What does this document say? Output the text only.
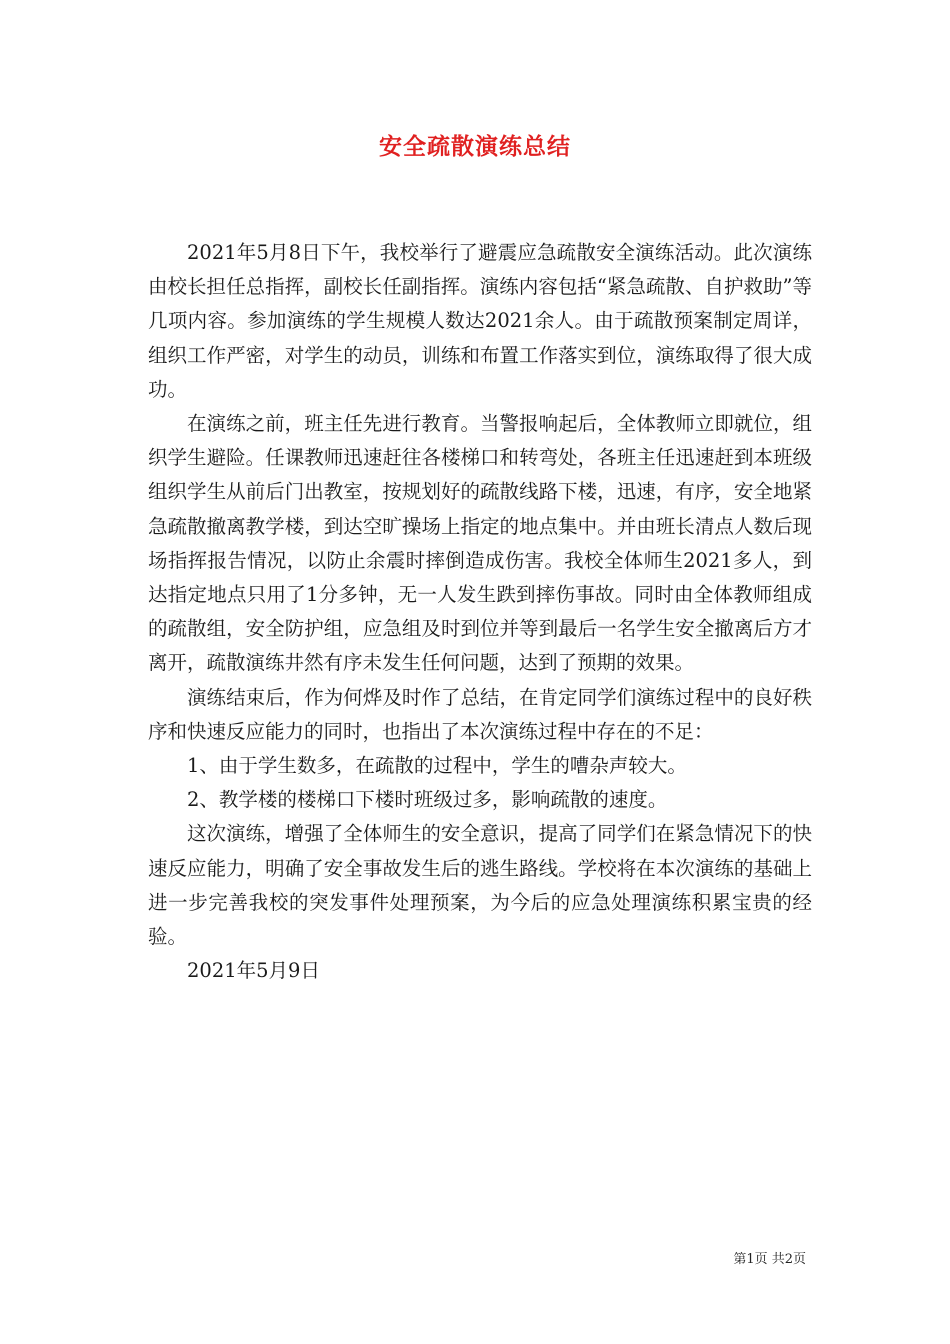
安全疏散演练总结

2021年5月8日下午，我校举行了避震应急疏散安全演练活动。此次演练由校长担任总指挥，副校长任副指挥。演练内容包括“紧急疏散、自护救助”等几项内容。参加演练的学生规模人数达2021余人。由于疏散预案制定周详，组织工作严密，对学生的动员，训练和布置工作落实到位，演练取得了很大成功。

在演练之前，班主任先进行教育。当警报响起后，全体教师立即就位，组织学生避险。任课教师迅速赶往各楼梯口和转弯处，各班主任迅速赶到本班级组织学生从前后门出教室，按规划好的疏散线路下楼，迅速，有序，安全地紧急疏散撤离教学楼，到达空旷操场上指定的地点集中。并由班长清点人数后现场指挥报告情况，以防止余震时摔倒造成伤害。我校全体师生2021多人，到达指定地点只用了1分多钟，无一人发生跌到摔伤事故。同时由全体教师组成的疏散组，安全防护组，应急组及时到位并等到最后一名学生安全撤离后方才离开，疏散演练井然有序未发生任何问题，达到了预期的效果。

演练结束后，作为何烨及时作了总结，在肯定同学们演练过程中的良好秩序和快速反应能力的同时，也指出了本次演练过程中存在的不足：

1、由于学生数多，在疏散的过程中，学生的嘈杂声较大。

2、教学楼的楼梯口下楼时班级过多，影响疏散的速度。

这次演练，增强了全体师生的安全意识，提高了同学们在紧急情况下的快速反应能力，明确了安全事故发生后的逃生路线。学校将在本次演练的基础上进一步完善我校的突发事件处理预案，为今后的应急处理演练积累宝贵的经验。

2021年5月9日

第1页 共2页
